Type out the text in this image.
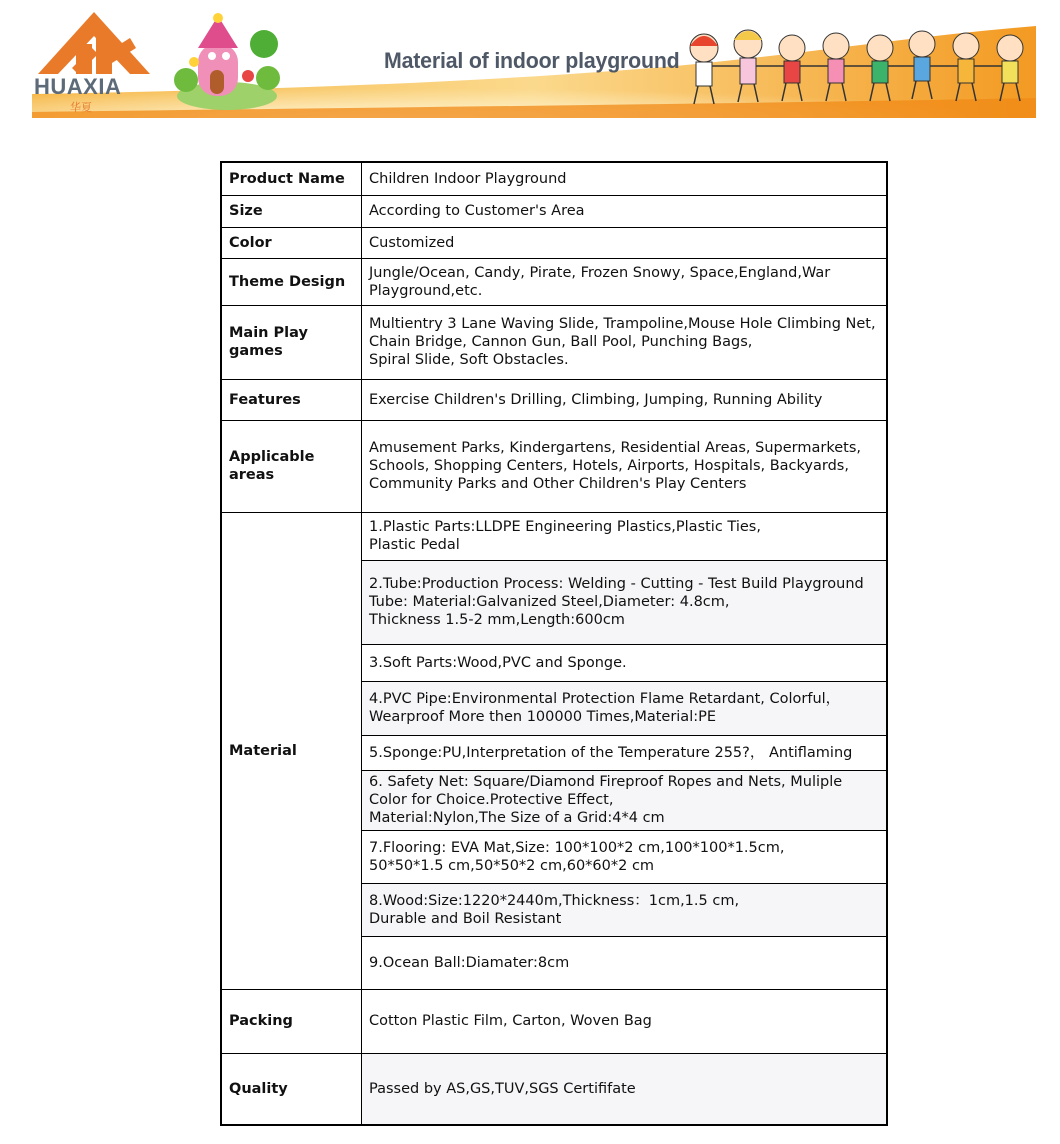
HUAXIA
华夏
Material of indoor playground
Product Name	Children Indoor Playground
Size	According to Customer's Area
Color	Customized
Theme Design	Jungle/Ocean, Candy, Pirate, Frozen Snowy, Space,England,War
Playground,etc.
Main Play games	Multientry 3 Lane Waving Slide, Trampoline,Mouse Hole Climbing Net,
Chain Bridge, Cannon Gun, Ball Pool, Punching Bags,
Spiral Slide, Soft Obstacles.
Features	Exercise Children's Drilling, Climbing, Jumping, Running Ability
Applicable areas	Amusement Parks, Kindergartens, Residential Areas, Supermarkets,
Schools, Shopping Centers, Hotels, Airports, Hospitals, Backyards,
Community Parks and Other Children's Play Centers
Material	1.Plastic Parts:LLDPE Engineering Plastics,Plastic Ties,
Plastic Pedal
	2.Tube:Production Process: Welding - Cutting - Test Build Playground
Tube: Material:Galvanized Steel,Diameter: 4.8cm,
Thickness 1.5-2 mm,Length:600cm
	3.Soft Parts:Wood,PVC and Sponge.
	4.PVC Pipe:Environmental Protection Flame Retardant, Colorful，
Wearproof More then 100000 Times,Material:PE
	5.Sponge:PU,Interpretation of the Temperature 255?， Antiflaming
	6. Safety Net: Square/Diamond Fireproof Ropes and Nets, Muliple
Color for Choice.Protective Effect,
Material:Nylon,The Size of a Grid:4*4 cm
	7.Flooring: EVA Mat,Size: 100*100*2 cm,100*100*1.5cm,
50*50*1.5 cm,50*50*2 cm,60*60*2 cm
	8.Wood:Size:1220*2440m,Thickness：1cm,1.5 cm,
Durable and Boil Resistant
	9.Ocean Ball:Diamater:8cm
Packing	Cotton Plastic Film, Carton, Woven Bag
Quality	Passed by AS,GS,TUV,SGS Certififate
